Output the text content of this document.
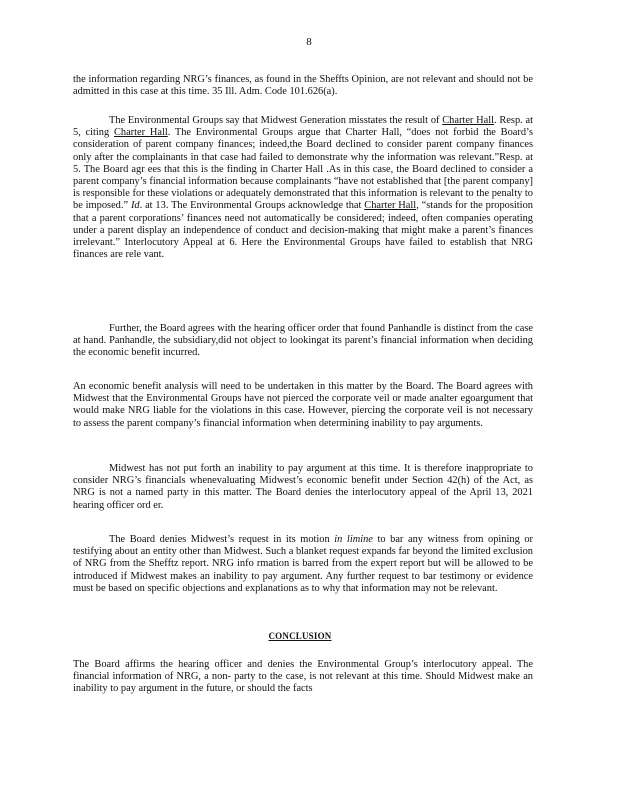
8

the information regarding NRG’s finances, as found in the Sheffts Opinion, are not relevant and should not be admitted in this case at this time. 35 Ill. Adm. Code 101.626(a).

The Environmental Groups say that Midwest Generation misstates the result of Charter Hall. Resp. at 5, citing Charter Hall. The Environmental Groups argue that Charter Hall, “does not forbid the Board’s consideration of parent company finances; indeed,the Board declined to consider parent company finances only after the complainants in that case had failed to demonstrate why the information was relevant.”Resp. at 5. The Board agr ees that this is the finding in Charter Hall .As in this case, the Board declined to consider a parent company’s financial information because complainants “have not established that [the parent company] is responsible for these violations or adequately demonstrated that this information is relevant to the penalty to be imposed.” Id. at 13. The Environmental Groups acknowledge that Charter Hall, “stands for the proposition that a parent corporations’ finances need not automatically be considered; indeed, often companies operating under a parent display an independence of conduct and decision-making that might make a parent’s finances irrelevant.” Interlocutory Appeal at 6. Here the Environmental Groups have failed to establish that NRG finances are rele vant.

Further, the Board agrees with the hearing officer order that found Panhandle is distinct from the case at hand. Panhandle, the subsidiary,did not object to lookingat its parent’s financial information when deciding the economic benefit incurred.

An economic benefit analysis will need to be undertaken in this matter by the Board. The Board agrees with Midwest that the Environmental Groups have not pierced the corporate veil or made analter egoargument that would make NRG liable for the violations in this case. However, piercing the corporate veil is not necessary to assess the parent company’s financial information when determining inability to pay arguments.

Midwest has not put forth an inability to pay argument at this time. It is therefore inappropriate to consider NRG’s financials whenevaluating Midwest’s economic benefit under Section 42(h) of the Act, as NRG is not a named party in this matter. The Board denies the interlocutory appeal of the April 13, 2021 hearing officer ord er.

The Board denies Midwest’s request in its motion in limine to bar any witness from opining or testifying about an entity other than Midwest. Such a blanket request expands far beyond the limited exclusion of NRG from the Shefftz report. NRG info rmation is barred from the expert report but will be allowed to be introduced if Midwest makes an inability to pay argument. Any further request to bar testimony or evidence must be based on specific objections and explanations as to why that information may not be relevant.

CONCLUSION

The Board affirms the hearing officer and denies the Environmental Group’s interlocutory appeal. The financial information of NRG, a non- party to the case, is not relevant at this time. Should Midwest make an inability to pay argument in the future, or should the facts
